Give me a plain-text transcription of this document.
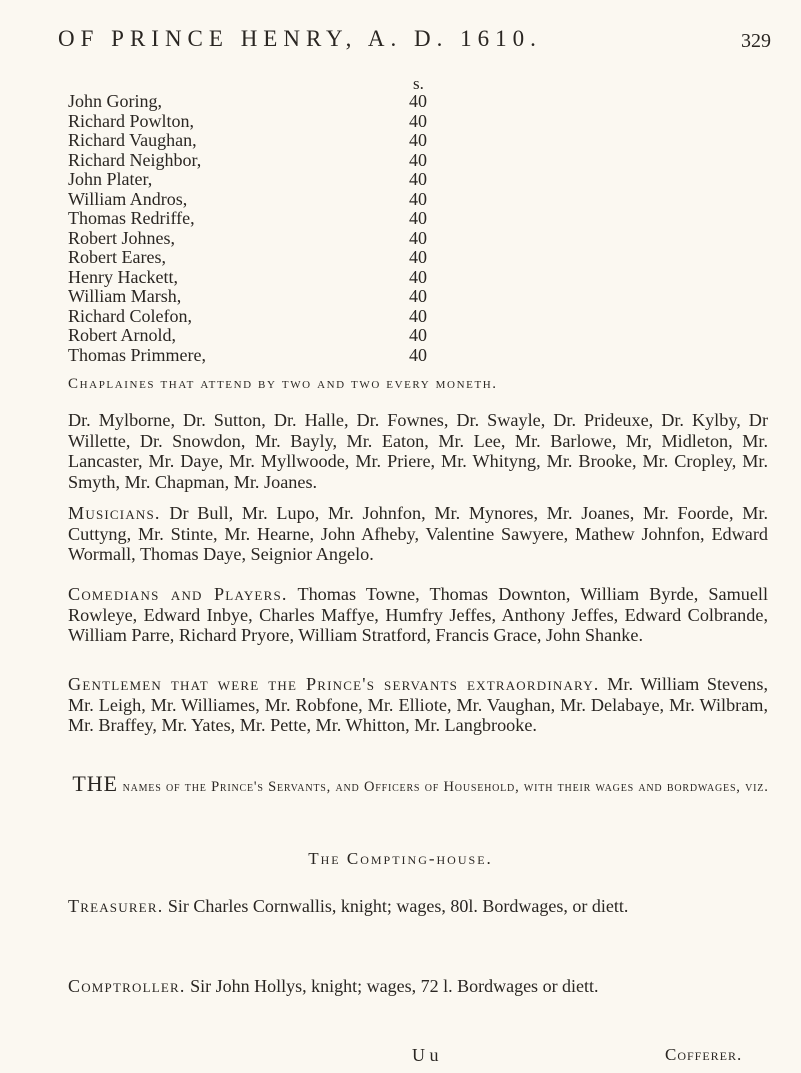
OF PRINCE HENRY, A. D. 1610.	329
s.
John Goring,	40
Richard Powlton,	40
Richard Vaughan,	40
Richard Neighbor,	40
John Plater,	40
William Andros,	40
Thomas Redriffe,	40
Robert Johnes,	40
Robert Eares,	40
Henry Hackett,	40
William Marsh,	40
Richard Colefon,	40
Robert Arnold,	40
Thomas Primmere,	40
Chaplaines that attend by two and two every moneth.

Dr. Mylborne, Dr. Sutton, Dr. Halle, Dr. Fownes, Dr. Swayle, Dr. Prideuxe, Dr. Kylby, Dr Willette, Dr. Snowdon, Mr. Bayly, Mr. Eaton, Mr. Lee, Mr. Barlowe, Mr, Midleton, Mr. Lancaster, Mr. Daye, Mr. Myllwoode, Mr. Priere, Mr. Whityng, Mr. Brooke, Mr. Cropley, Mr. Smyth, Mr. Chapman, Mr. Joanes.

Musicians. Dr Bull, Mr. Lupo, Mr. Johnfon, Mr. Mynores, Mr. Joanes, Mr. Foorde, Mr. Cuttyng, Mr. Stinte, Mr. Hearne, John Afheby, Valentine Sawyere, Mathew Johnfon, Edward Wormall, Thomas Daye, Seignior Angelo.

Comedians and Players. Thomas Towne, Thomas Downton, William Byrde, Samuell Rowleye, Edward Inbye, Charles Maffye, Humfry Jeffes, Anthony Jeffes, Edward Colbrande, William Parre, Richard Pryore, William Stratford, Francis Grace, John Shanke.

Gentlemen that were the Prince's servants extraordinary. Mr. William Stevens, Mr. Leigh, Mr. Williames, Mr. Robfone, Mr. Elliote, Mr. Vaughan, Mr. Delabaye, Mr. Wilbram, Mr. Braffey, Mr. Yates, Mr. Pette, Mr. Whitton, Mr. Langbrooke.

THE names of the Prince's Servants, and Officers of Household, with their wages and bordwages, viz.
The Compting-house.

Treasurer. Sir Charles Cornwallis, knight; wages, 80l. Bordwages, or diett.

Comptroller. Sir John Hollys, knight; wages, 72 l. Bordwages or diett.

U u	Cofferer.
